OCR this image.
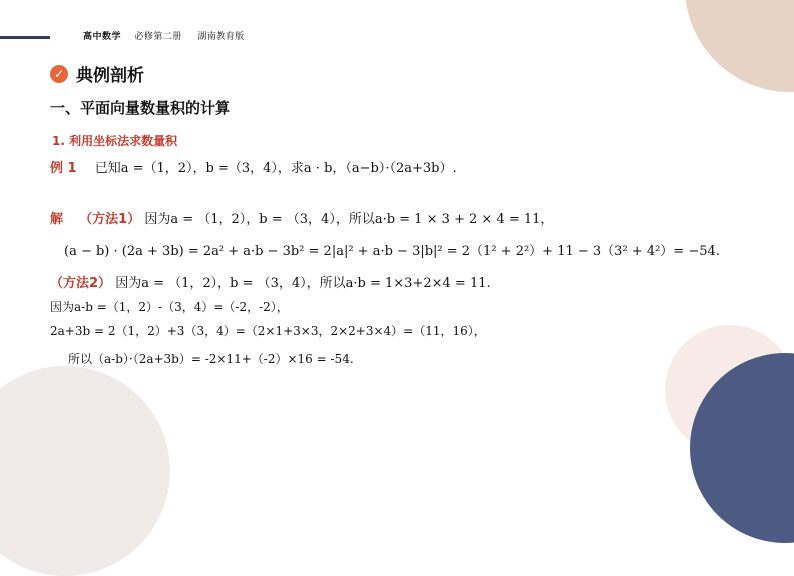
高中数学 必修第二册 湖南教育版
✓ 典例剖析
一、平面向量数量积的计算
1. 利用坐标法求数量积
例 1 已知a =（1，2），b =（3，4），求a · b，（a−b）·（2a+3b）.
解 （方法1） 因为a = （1，2），b = （3，4），所以a·b = 1 × 3 + 2 × 4 = 11，
(a − b) · (2a + 3b) = 2a² + a·b − 3b² = 2|a|² + a·b − 3|b|² = 2（1² + 2²）+ 11 − 3（3² + 4²）= −54.
（方法2） 因为a = （1，2），b = （3，4），所以a·b = 1×3+2×4 = 11.
因为a-b =（1，2）-（3，4）=（-2，-2），
2a+3b = 2（1，2）+3（3，4）=（2×1+3×3，2×2+3×4）=（11，16），
所以（a-b）·（2a+3b）= -2×11+（-2）×16 = -54.
